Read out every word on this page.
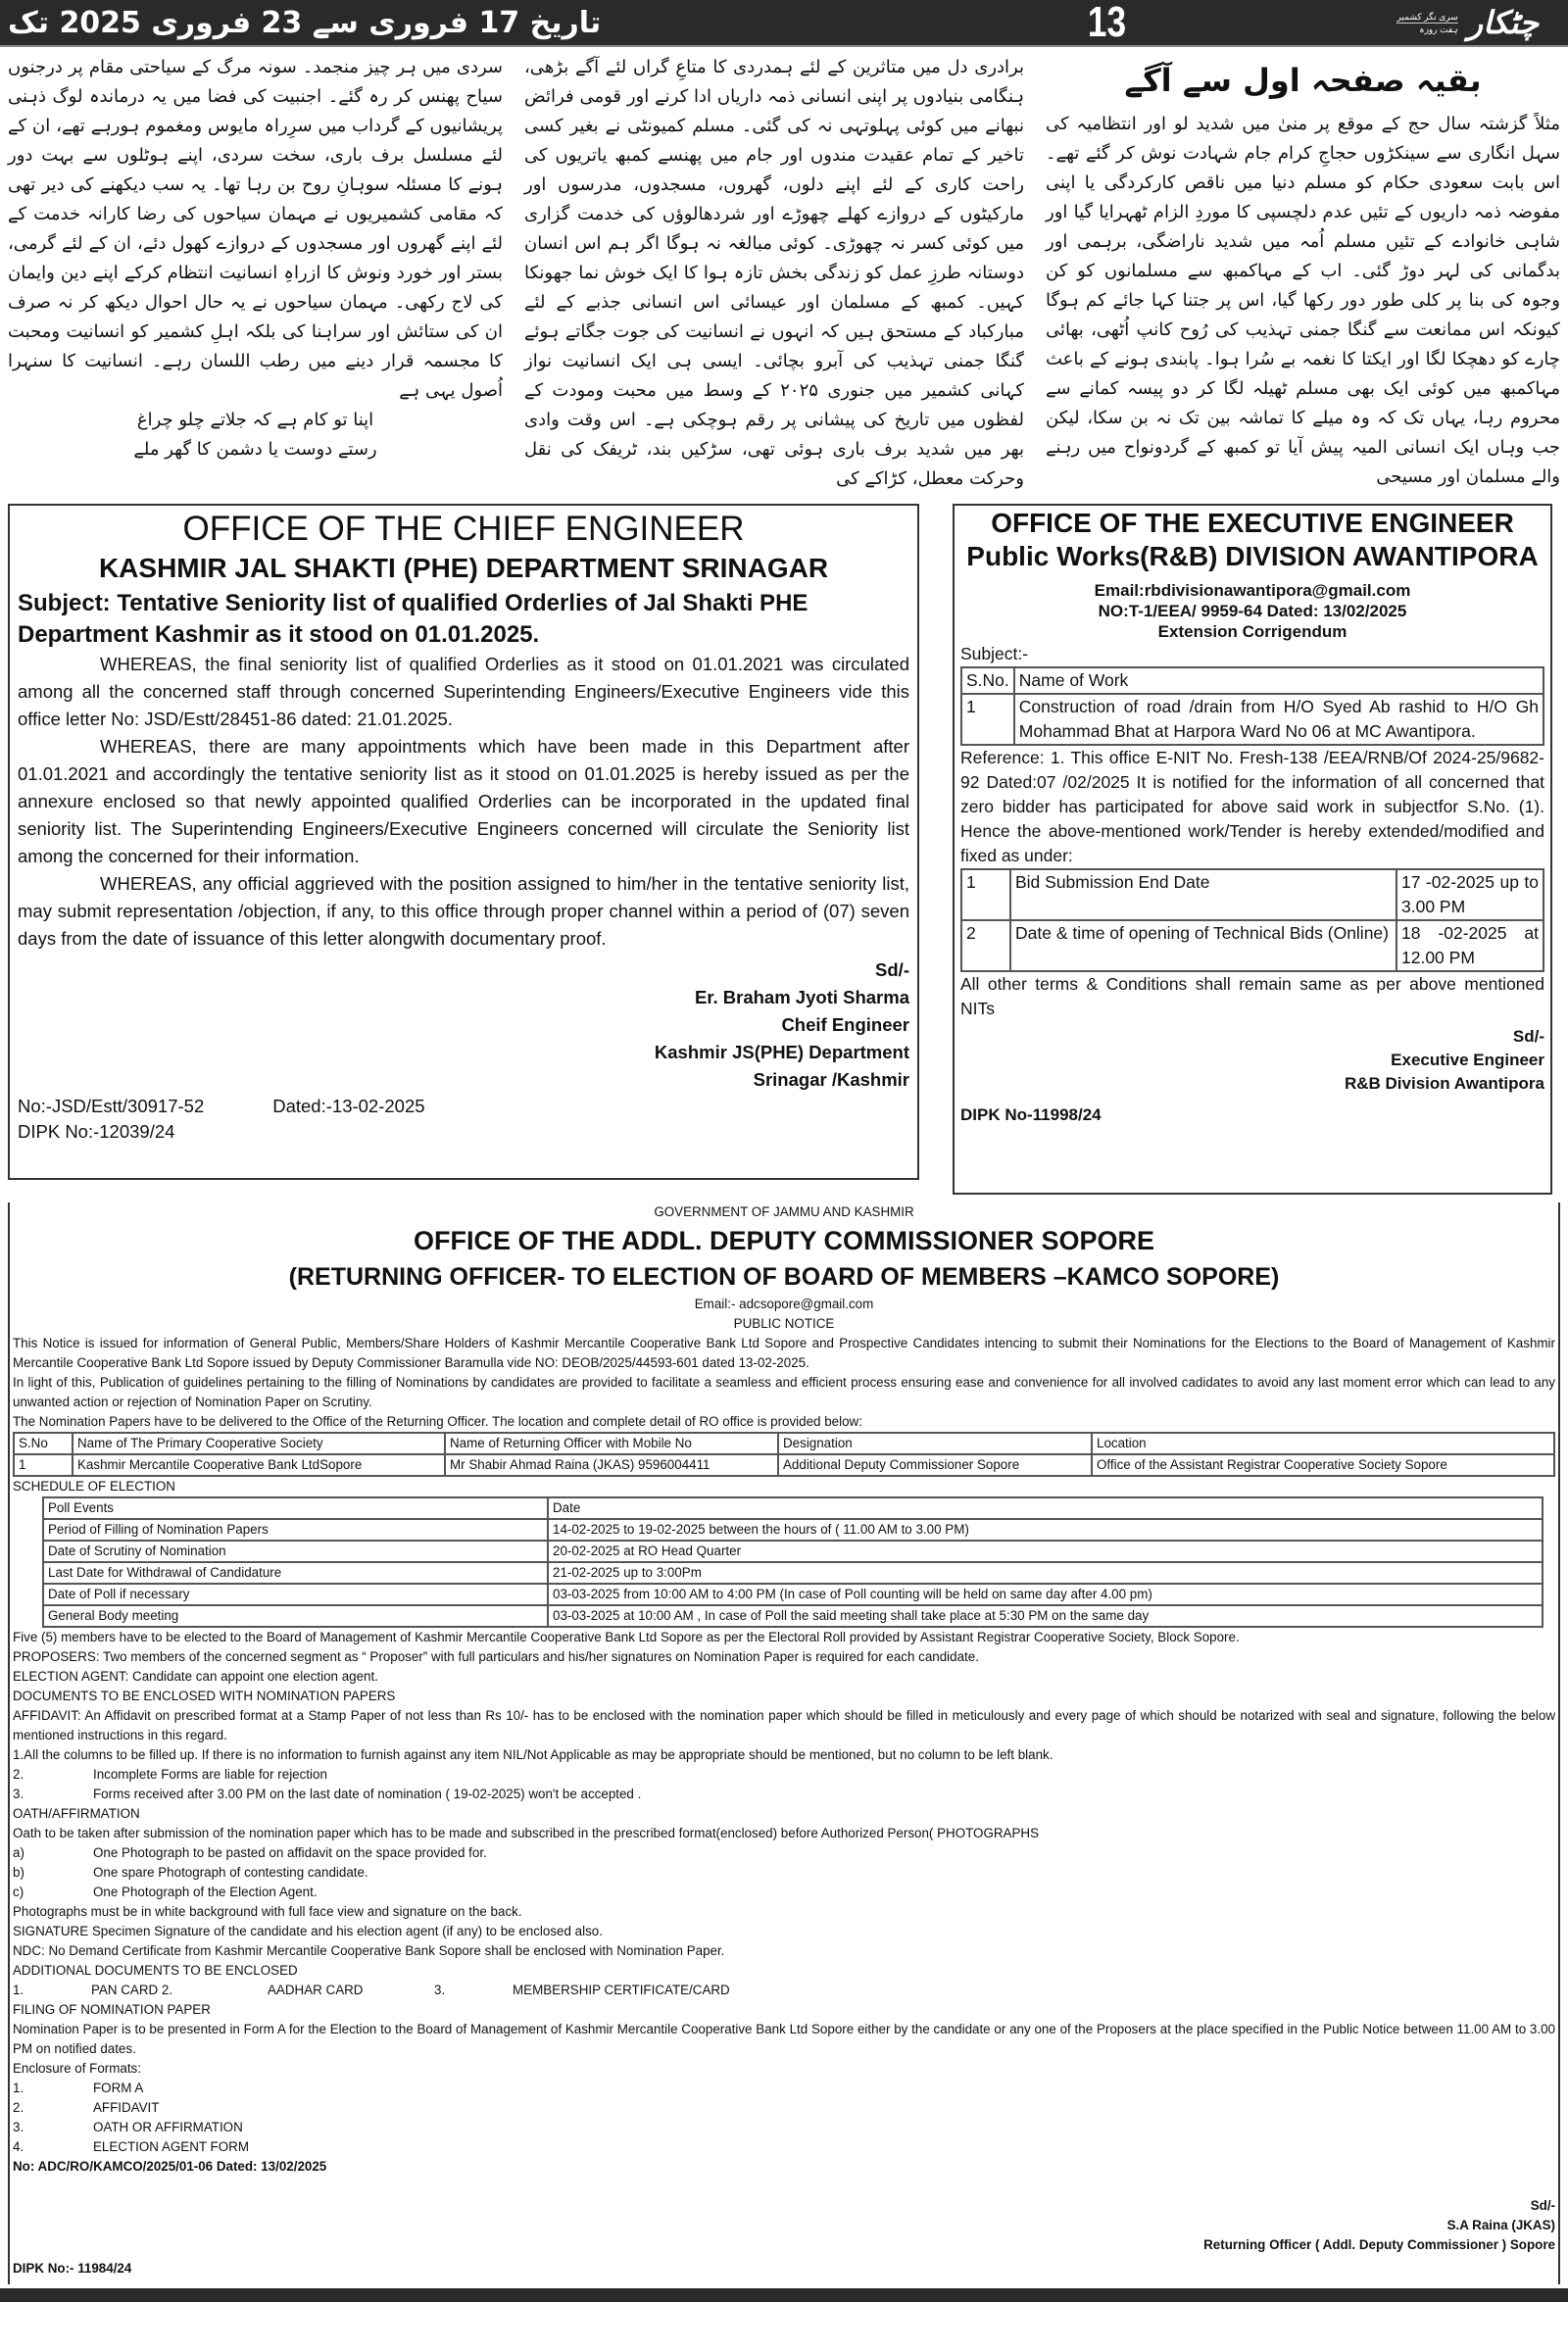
تاریخ 17 فروری سے 23 فروری 2025 تک	13	چٹکار
سری نگر کشمیر
ہفت روزہ
بقیہ صفحہ اول سے آگے
مثلاً گزشتہ سال حج کے موقع پر منیٰ میں شدید لو اور انتظامیہ کی سہل انگاری سے سینکڑوں حجاجِ کرام جام شہادت نوش کر گئے تھے۔ اس بابت سعودی حکام کو مسلم دنیا میں ناقص کارکردگی یا اپنی مفوضہ ذمہ داریوں کے تئیں عدم دلچسپی کا موردِ الزام ٹھہرایا گیا اور شاہی خانوادے کے تئیں مسلم اُمہ میں شدید ناراضگی، برہمی اور بدگمانی کی لہر دوڑ گئی۔ اب کے مہاکمبھ سے مسلمانوں کو کن وجوہ کی بنا پر کلی طور دور رکھا گیا، اس پر جتنا کہا جائے کم ہوگا کیونکہ اس ممانعت سے گنگا جمنی تہذیب کی رُوح کانپ اُٹھی، بھائی چارے کو دھچکا لگا اور ایکتا کا نغمہ بے سُرا ہوا۔ پابندی ہونے کے باعث مہاکمبھ میں کوئی ایک بھی مسلم ٹھیلہ لگا کر دو پیسہ کمانے سے محروم رہا، یہاں تک کہ وہ میلے کا تماشہ بین تک نہ بن سکا، لیکن جب وہاں ایک انسانی المیہ پیش آیا تو کمبھ کے گردونواح میں رہنے والے مسلمان اور مسیحی
برادری دل میں متاثرین کے لئے ہمدردی کا متاعِ گراں لئے آگے بڑھی، ہنگامی بنیادوں پر اپنی انسانی ذمہ داریاں ادا کرنے اور قومی فرائض نبھانے میں کوئی پہلوتہی نہ کی گئی۔ مسلم کمیونٹی نے بغیر کسی تاخیر کے تمام عقیدت مندوں اور جام میں پھنسے کمبھ یاتریوں کی راحت کاری کے لئے اپنے دلوں، گھروں، مسجدوں، مدرسوں اور مارکیٹوں کے دروازے کھلے چھوڑے اور شردھالوؤں کی خدمت گزاری میں کوئی کسر نہ چھوڑی۔ کوئی مبالغہ نہ ہوگا اگر ہم اس انسان دوستانہ طرزِ عمل کو زندگی بخش تازہ ہوا کا ایک خوش نما جھونکا کہیں۔ کمبھ کے مسلمان اور عیسائی اس انسانی جذبے کے لئے مبارکباد کے مستحق ہیں کہ انہوں نے انسانیت کی جوت جگاتے ہوئے گنگا جمنی تہذیب کی آبرو بچائی۔ ایسی ہی ایک انسانیت نواز کہانی کشمیر میں جنوری ۲۰۲۵ کے وسط میں محبت ومودت کے لفظوں میں تاریخ کی پیشانی پر رقم ہوچکی ہے۔ اس وقت وادی بھر میں شدید برف باری ہوئی تھی، سڑکیں بند، ٹریفک کی نقل وحرکت معطل، کڑاکے کی
سردی میں ہر چیز منجمد۔ سونہ مرگ کے سیاحتی مقام پر درجنوں سیاح پھنس کر رہ گئے۔ اجنبیت کی فضا میں یہ درماندہ لوگ ذہنی پریشانیوں کے گرداب میں سرِراہ مایوس ومغموم ہورہے تھے، ان کے لئے مسلسل برف باری، سخت سردی، اپنے ہوٹلوں سے بہت دور ہونے کا مسئلہ سوہانِ روح بن رہا تھا۔ یہ سب دیکھنے کی دیر تھی کہ مقامی کشمیریوں نے مہمان سیاحوں کی رضا کارانہ خدمت کے لئے اپنے گھروں اور مسجدوں کے دروازے کھول دئے، ان کے لئے گرمی، بستر اور خورد ونوش کا ازراہِ انسانیت انتظام کرکے اپنے دین وایمان کی لاج رکھی۔ مہمان سیاحوں نے یہ حال احوال دیکھ کر نہ صرف ان کی ستائش اور سراہنا کی بلکہ اہلِ کشمیر کو انسانیت ومحبت کا مجسمہ قرار دینے میں رطب اللسان رہے۔ انسانیت کا سنہرا اُصول یہی ہے
اپنا تو کام ہے کہ جلاتے چلو چراغ
رستے دوست یا دشمن کا گھر ملے
OFFICE OF THE CHIEF ENGINEER
KASHMIR JAL SHAKTI (PHE) DEPARTMENT SRINAGAR
Subject: Tentative Seniority list of qualified Orderlies of Jal Shakti PHE Department Kashmir as it stood on 01.01.2025.

WHEREAS, the final seniority list of qualified Orderlies as it stood on 01.01.2021 was circulated among all the concerned staff through concerned Superintending Engineers/Executive Engineers vide this office letter No: JSD/Estt/28451-86 dated: 21.01.2025.

WHEREAS, there are many appointments which have been made in this Department after 01.01.2021 and accordingly the tentative seniority list as it stood on 01.01.2025 is hereby issued as per the annexure enclosed so that newly appointed qualified Orderlies can be incorporated in the updated final seniority list. The Superintending Engineers/Executive Engineers concerned will circulate the Seniority list among the concerned for their information.

WHEREAS, any official aggrieved with the position assigned to him/her in the tentative seniority list, may submit representation /objection, if any, to this office through proper channel within a period of (07) seven days from the date of issuance of this letter alongwith documentary proof.

Sd/-
Er. Braham Jyoti Sharma
Cheif Engineer
Kashmir JS(PHE) Department
Srinagar /Kashmir
No:-JSD/Estt/30917-52	Dated:-13-02-2025
DIPK No:-12039/24
OFFICE OF THE EXECUTIVE ENGINEER
Public Works(R&B) DIVISION AWANTIPORA
Email:rbdivisionawantipora@gmail.com
NO:T-1/EEA/ 9959-64 Dated: 13/02/2025
Extension Corrigendum
Subject:-
S.No.	Name of Work
1	Construction of road /drain from H/O Syed Ab rashid to H/O Gh Mohammad Bhat at Harpora Ward No 06 at MC Awantipora.
Reference: 1. This office E-NIT No. Fresh-138 /EEA/RNB/Of 2024-25/9682-92 Dated:07 /02/2025 It is notified for the information of all concerned that zero bidder has participated for above said work in subjectfor S.No. (1). Hence the above-mentioned work/Tender is hereby extended/modified and fixed as under:
1	Bid Submission End Date	17 -02-2025 up to 3.00 PM
2	Date & time of opening of Technical Bids (Online)	18 -02-2025 at 12.00 PM
All other terms & Conditions shall remain same as per above mentioned NITs
Sd/-
Executive Engineer
R&B Division Awantipora
DIPK No-11998/24
GOVERNMENT OF JAMMU AND KASHMIR
OFFICE OF THE ADDL. DEPUTY COMMISSIONER SOPORE
(RETURNING OFFICER- TO ELECTION OF BOARD OF MEMBERS –KAMCO SOPORE)
Email:- adcsopore@gmail.com
PUBLIC NOTICE
This Notice is issued for information of General Public, Members/Share Holders of Kashmir Mercantile Cooperative Bank Ltd Sopore and Prospective Candidates intencing to submit their Nominations for the Elections to the Board of Management of Kashmir Mercantile Cooperative Bank Ltd Sopore issued by Deputy Commissioner Baramulla vide NO: DEOB/2025/44593-601 dated 13-02-2025.
In light of this, Publication of guidelines pertaining to the filling of Nominations by candidates are provided to facilitate a seamless and efficient process ensuring ease and convenience for all involved cadidates to avoid any last moment error which can lead to any unwanted action or rejection of Nomination Paper on Scrutiny.
The Nomination Papers have to be delivered to the Office of the Returning Officer. The location and complete detail of RO office is provided below:
S.No	Name of The Primary Cooperative Society	Name of Returning Officer with Mobile No	Designation	Location
1	Kashmir Mercantile Cooperative Bank LtdSopore	Mr Shabir Ahmad Raina (JKAS) 9596004411	Additional Deputy Commissioner Sopore	Office of the Assistant Registrar Cooperative Society Sopore
SCHEDULE OF ELECTION
Poll Events	Date
Period of Filling of Nomination Papers	14-02-2025 to 19-02-2025 between the hours of ( 11.00 AM to 3.00 PM)
Date of Scrutiny of Nomination	20-02-2025 at RO Head Quarter
Last Date for Withdrawal of Candidature	21-02-2025 up to 3:00Pm
Date of Poll if necessary	03-03-2025 from 10:00 AM to 4:00 PM (In case of Poll counting will be held on same day after 4.00 pm)
General Body meeting	03-03-2025 at 10:00 AM , In case of Poll the said meeting shall take place at 5:30 PM on the same day
Five (5) members have to be elected to the Board of Management of Kashmir Mercantile Cooperative Bank Ltd Sopore as per the Electoral Roll provided by Assistant Registrar Cooperative Society, Block Sopore.
PROPOSERS: Two members of the concerned segment as “ Proposer” with full particulars and his/her signatures on Nomination Paper is required for each candidate.
ELECTION AGENT: Candidate can appoint one election agent.
DOCUMENTS TO BE ENCLOSED WITH NOMINATION PAPERS
AFFIDAVIT: An Affidavit on prescribed format at a Stamp Paper of not less than Rs 10/- has to be enclosed with the nomination paper which should be filled in meticulously and every page of which should be notarized with seal and signature, following the below mentioned instructions in this regard.
1.All the columns to be filled up. If there is no information to furnish against any item NIL/Not Applicable as may be appropriate should be mentioned, but no column to be left blank.
2.	Incomplete Forms are liable for rejection
3.	Forms received after 3.00 PM on the last date of nomination ( 19-02-2025) won't be accepted .
OATH/AFFIRMATION
Oath to be taken after submission of the nomination paper which has to be made and subscribed in the prescribed format(enclosed) before Authorized Person( PHOTOGRAPHS
a)	One Photograph to be pasted on affidavit on the space provided for.
b)	One spare Photograph of contesting candidate.
c)	One Photograph of the Election Agent.
Photographs must be in white background with full face view and signature on the back.
SIGNATURE Specimen Signature of the candidate and his election agent (if any) to be enclosed also.
NDC: No Demand Certificate from Kashmir Mercantile Cooperative Bank Sopore shall be enclosed with Nomination Paper.
ADDITIONAL DOCUMENTS TO BE ENCLOSED
1.	PAN CARD 2.	AADHAR CARD	3.	MEMBERSHIP CERTIFICATE/CARD
FILING OF NOMINATION PAPER
Nomination Paper is to be presented in Form A for the Election to the Board of Management of Kashmir Mercantile Cooperative Bank Ltd Sopore either by the candidate or any one of the Proposers at the place specified in the Public Notice between 11.00 AM to 3.00 PM on notified dates.
Enclosure of Formats:
1.	FORM A
2.	AFFIDAVIT
3.	OATH OR AFFIRMATION
4.	ELECTION AGENT FORM
No: ADC/RO/KAMCO/2025/01-06 Dated: 13/02/2025
Sd/-
S.A Raina (JKAS)
Returning Officer ( Addl. Deputy Commissioner ) Sopore
DIPK No:- 11984/24
